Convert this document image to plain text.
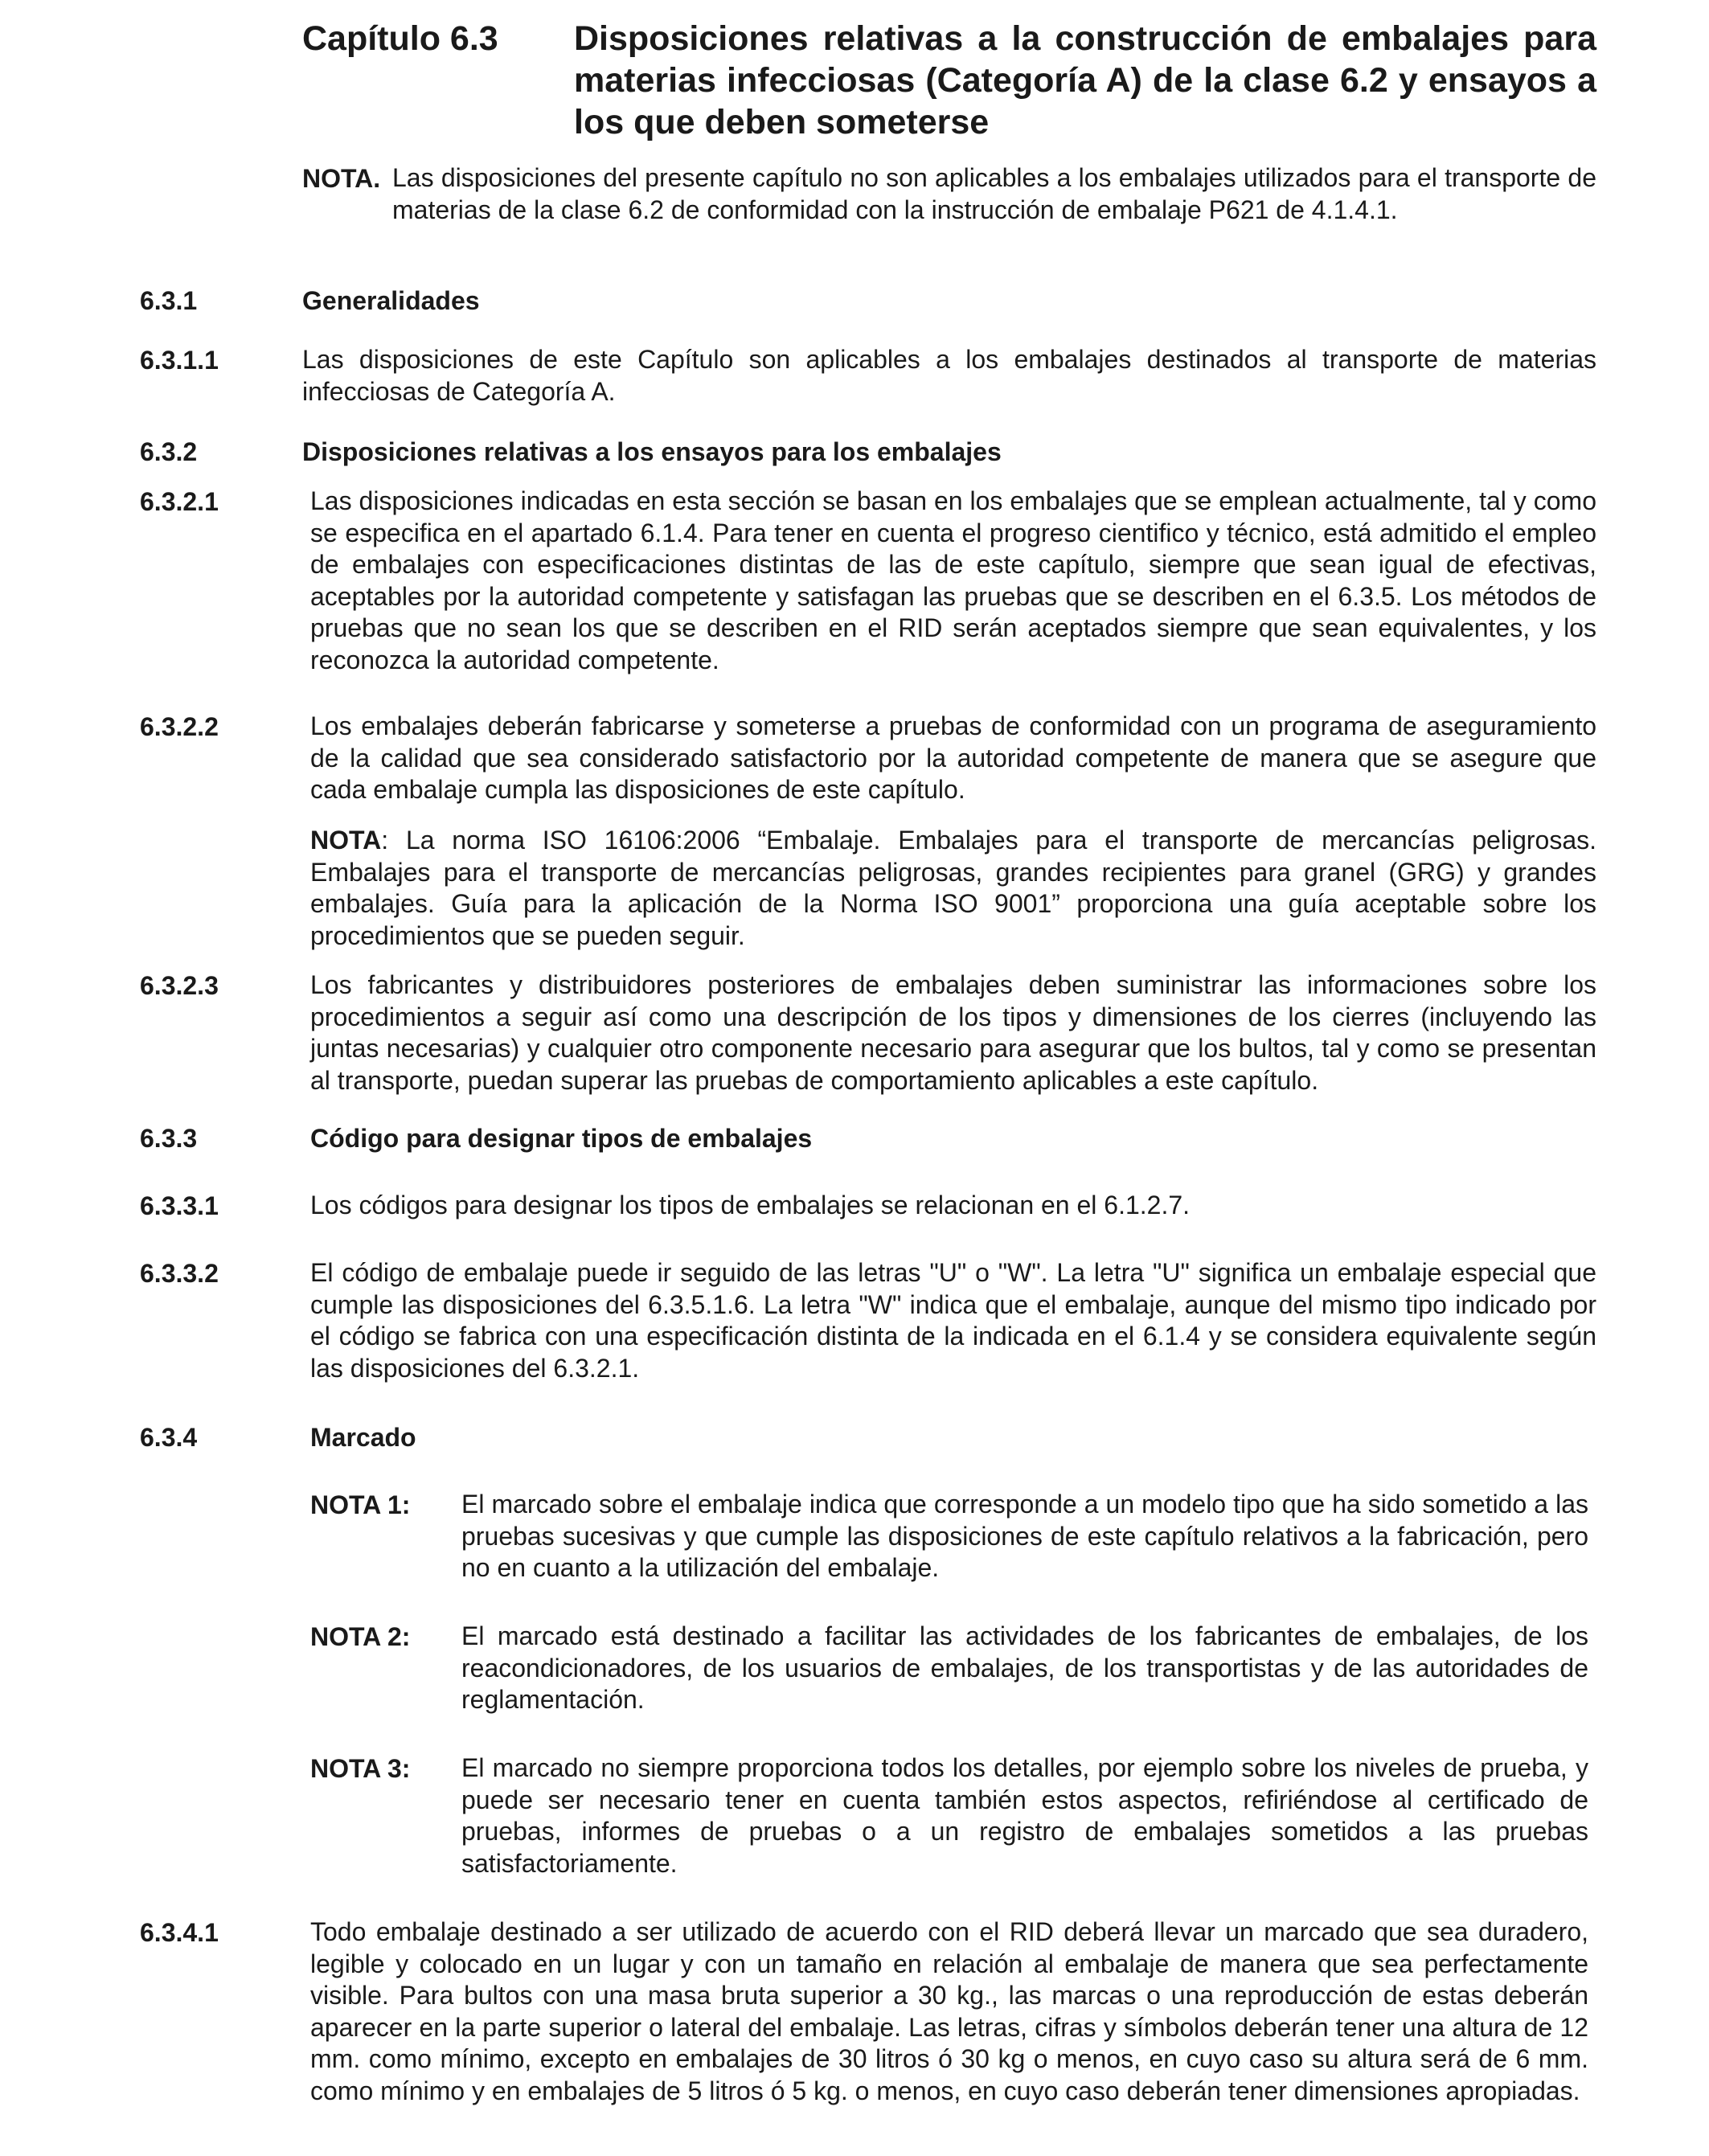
Capítulo 6.3	Disposiciones relativas a la construcción de embalajes para materias infecciosas (Categoría A) de la clase 6.2 y ensayos a los que deben someterse
NOTA. Las disposiciones del presente capítulo no son aplicables a los embalajes utilizados para el transporte de materias de la clase 6.2 de conformidad con la instrucción de embalaje P621 de 4.1.4.1.
6.3.1	Generalidades
6.3.1.1	Las disposiciones de este Capítulo son aplicables a los embalajes destinados al transporte de materias infecciosas de Categoría A.
6.3.2	Disposiciones relativas a los ensayos para los embalajes
6.3.2.1	Las disposiciones indicadas en esta sección se basan en los embalajes que se emplean actualmente, tal y como se especifica en el apartado 6.1.4. Para tener en cuenta el progreso cientifico y técnico, está admitido el empleo de embalajes con especificaciones distintas de las de este capítulo, siempre que sean igual de efectivas, aceptables por la autoridad competente y satisfagan las pruebas que se describen en el 6.3.5. Los métodos de pruebas que no sean los que se describen en el RID serán aceptados siempre que sean equivalentes, y los reconozca la autoridad competente.
6.3.2.2	Los embalajes deberán fabricarse y someterse a pruebas de conformidad con un programa de aseguramiento de la calidad que sea considerado satisfactorio por la autoridad competente de manera que se asegure que cada embalaje cumpla las disposiciones de este capítulo.
NOTA: La norma ISO 16106:2006 “Embalaje. Embalajes para el transporte de mercancías peligrosas. Embalajes para el transporte de mercancías peligrosas, grandes recipientes para granel (GRG) y grandes embalajes. Guía para la aplicación de la Norma ISO 9001” proporciona una guía aceptable sobre los procedimientos que se pueden seguir.
6.3.2.3	Los fabricantes y distribuidores posteriores de embalajes deben suministrar las informaciones sobre los procedimientos a seguir así como una descripción de los tipos y dimensiones de los cierres (incluyendo las juntas necesarias) y cualquier otro componente necesario para asegurar que los bultos, tal y como se presentan al transporte, puedan superar las pruebas de comportamiento aplicables a este capítulo.
6.3.3	Código para designar tipos de embalajes
6.3.3.1	Los códigos para designar los tipos de embalajes se relacionan en el 6.1.2.7.
6.3.3.2	El código de embalaje puede ir seguido de las letras "U" o "W". La letra "U" significa un embalaje especial que cumple las disposiciones del 6.3.5.1.6. La letra "W" indica que el embalaje, aunque del mismo tipo indicado por el código se fabrica con una especificación distinta de la indicada en el 6.1.4 y se considera equivalente según las disposiciones del 6.3.2.1.
6.3.4	Marcado
NOTA 1: El marcado sobre el embalaje indica que corresponde a un modelo tipo que ha sido sometido a las pruebas sucesivas y que cumple las disposiciones de este capítulo relativos a la fabricación, pero no en cuanto a la utilización del embalaje.
NOTA 2: El marcado está destinado a facilitar las actividades de los fabricantes de embalajes, de los reacondicionadores, de los usuarios de embalajes, de los transportistas y de las autoridades de reglamentación.
NOTA 3: El marcado no siempre proporciona todos los detalles, por ejemplo sobre los niveles de prueba, y puede ser necesario tener en cuenta también estos aspectos, refiriéndose al certificado de pruebas, informes de pruebas o a un registro de embalajes sometidos a las pruebas satisfactoriamente.
6.3.4.1	Todo embalaje destinado a ser utilizado de acuerdo con el RID deberá llevar un marcado que sea duradero, legible y colocado en un lugar y con un tamaño en relación al embalaje de manera que sea perfectamente visible. Para bultos con una masa bruta superior a 30 kg., las marcas o una reproducción de estas deberán aparecer en la parte superior o lateral del embalaje. Las letras, cifras y símbolos deberán tener una altura de 12 mm. como mínimo, excepto en embalajes de 30 litros ó 30 kg o menos, en cuyo caso su altura será de 6 mm. como mínimo y en embalajes de 5 litros ó 5 kg. o menos, en cuyo caso deberán tener dimensiones apropiadas.
